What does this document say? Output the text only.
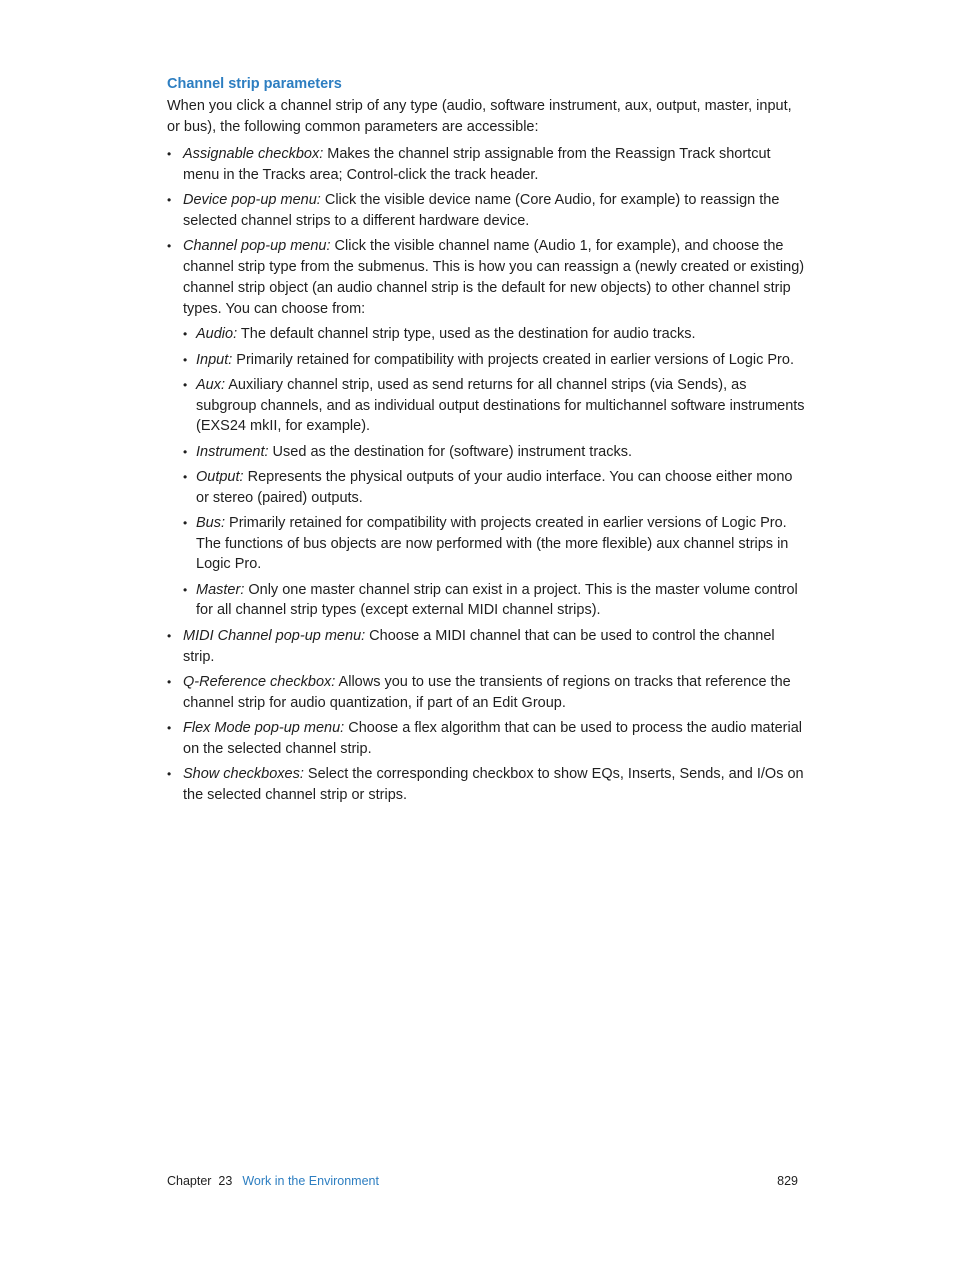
Channel strip parameters

When you click a channel strip of any type (audio, software instrument, aux, output, master, input, or bus), the following common parameters are accessible:

• Assignable checkbox: Makes the channel strip assignable from the Reassign Track shortcut menu in the Tracks area; Control-click the track header.
• Device pop-up menu: Click the visible device name (Core Audio, for example) to reassign the selected channel strips to a different hardware device.
• Channel pop-up menu: Click the visible channel name (Audio 1, for example), and choose the channel strip type from the submenus. This is how you can reassign a (newly created or existing) channel strip object (an audio channel strip is the default for new objects) to other channel strip types. You can choose from:
• Audio: The default channel strip type, used as the destination for audio tracks.
• Input: Primarily retained for compatibility with projects created in earlier versions of Logic Pro.
• Aux: Auxiliary channel strip, used as send returns for all channel strips (via Sends), as subgroup channels, and as individual output destinations for multichannel software instruments (EXS24 mkII, for example).
• Instrument: Used as the destination for (software) instrument tracks.
• Output: Represents the physical outputs of your audio interface. You can choose either mono or stereo (paired) outputs.
• Bus: Primarily retained for compatibility with projects created in earlier versions of Logic Pro. The functions of bus objects are now performed with (the more flexible) aux channel strips in Logic Pro.
• Master: Only one master channel strip can exist in a project. This is the master volume control for all channel strip types (except external MIDI channel strips).
• MIDI Channel pop-up menu: Choose a MIDI channel that can be used to control the channel strip.
• Q-Reference checkbox: Allows you to use the transients of regions on tracks that reference the channel strip for audio quantization, if part of an Edit Group.
• Flex Mode pop-up menu: Choose a flex algorithm that can be used to process the audio material on the selected channel strip.
• Show checkboxes: Select the corresponding checkbox to show EQs, Inserts, Sends, and I/Os on the selected channel strip or strips.
Chapter  23 Work in the Environment	829
